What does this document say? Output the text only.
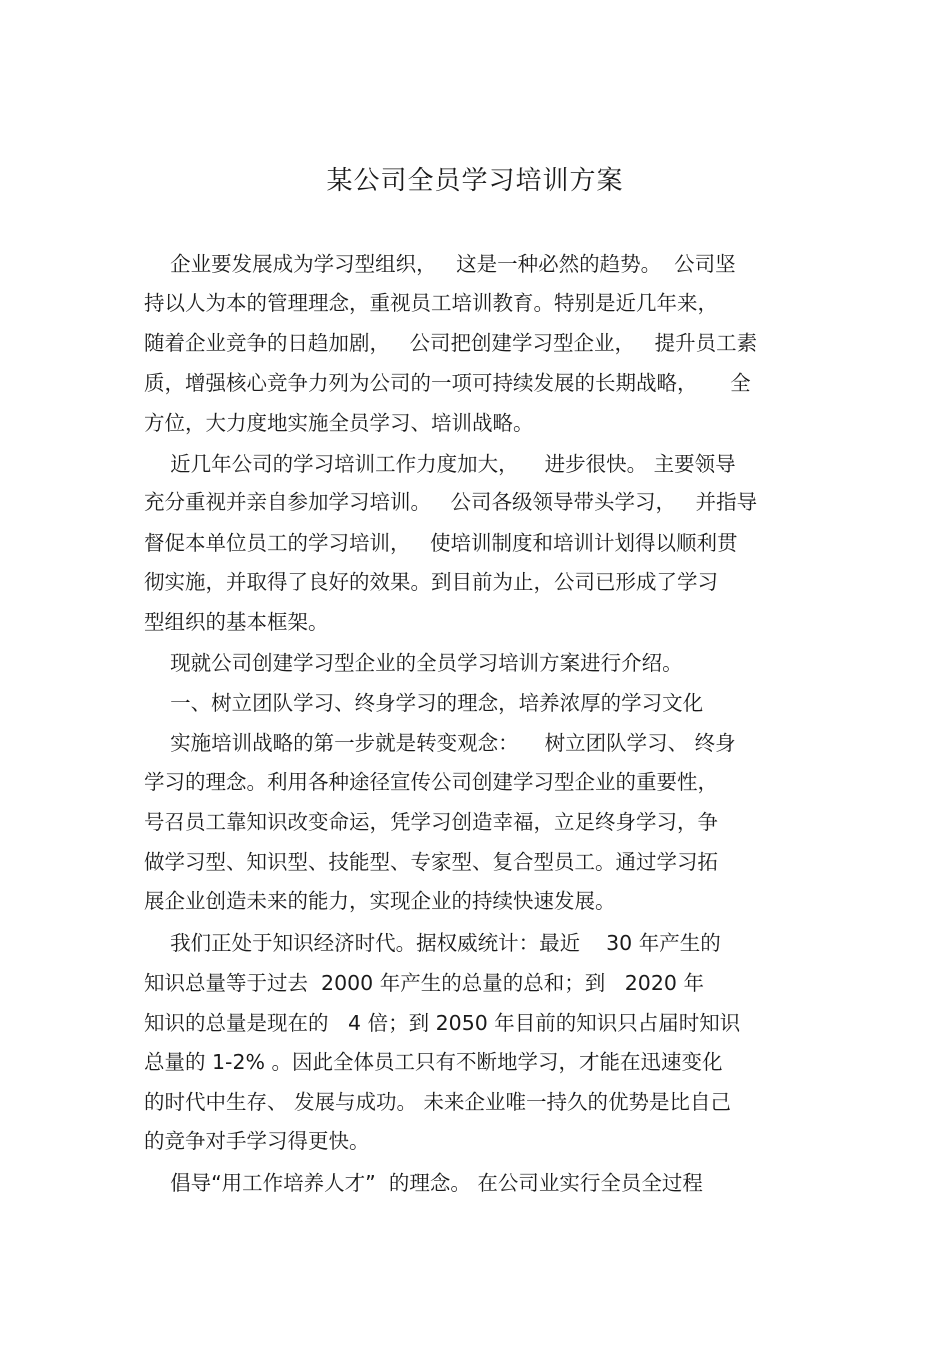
某公司全员学习培训方案

企业要发展成为学习型组织，   这是一种必然的趋势。  公司坚

持以人为本的管理理念，重视员工培训教育。特别是近几年来，

随着企业竞争的日趋加剧，   公司把创建学习型企业，   提升员工素

质，增强核心竞争力列为公司的一项可持续发展的长期战略，     全

方位，大力度地实施全员学习、培训战略。

近几年公司的学习培训工作力度加大，    进步很快。 主要领导

充分重视并亲自参加学习培训。   公司各级领导带头学习，   并指导

督促本单位员工的学习培训，   使培训制度和培训计划得以顺利贯

彻实施，并取得了良好的效果。到目前为止，公司已形成了学习

型组织的基本框架。

现就公司创建学习型企业的全员学习培训方案进行介绍。

一、树立团队学习、终身学习的理念，培养浓厚的学习文化

实施培训战略的第一步就是转变观念：    树立团队学习、 终身

学习的理念。利用各种途径宣传公司创建学习型企业的重要性，

号召员工靠知识改变命运，凭学习创造幸福，立足终身学习，争

做学习型、知识型、技能型、专家型、复合型员工。通过学习拓

展企业创造未来的能力，实现企业的持续快速发展。

我们正处于知识经济时代。据权威统计：最近    30 年产生的

知识总量等于过去  2000 年产生的总量的总和；到   2020 年

知识的总量是现在的   4 倍；到 2050 年目前的知识只占届时知识

总量的 1-2% 。因此全体员工只有不断地学习，才能在迅速变化

的时代中生存、 发展与成功。 未来企业唯一持久的优势是比自己

的竞争对手学习得更快。

倡导“用工作培养人才”  的理念。 在公司业实行全员全过程
